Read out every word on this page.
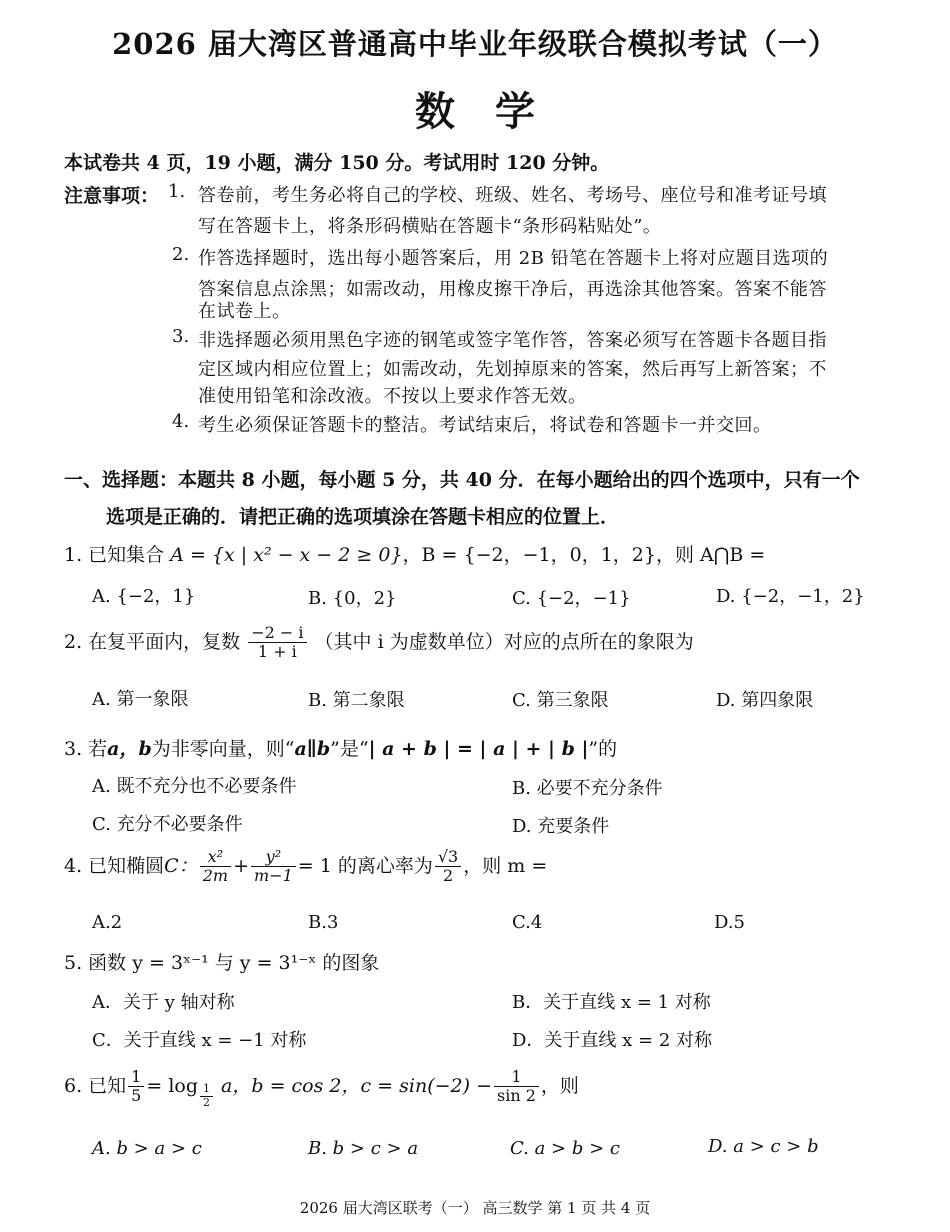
2026 届大湾区普通高中毕业年级联合模拟考试（一）
数学
本试卷共 4 页，19 小题，满分 150 分。考试用时 120 分钟。
注意事项： 1. 答卷前，考生务必将自己的学校、班级、姓名、考场号、座位号和准考证号填
写在答题卡上，将条形码横贴在答题卡“条形码粘贴处”。
2. 作答选择题时，选出每小题答案后，用 2B 铅笔在答题卡上将对应题目选项的
答案信息点涂黑；如需改动，用橡皮擦干净后，再选涂其他答案。答案不能答
在试卷上。
3. 非选择题必须用黑色字迹的钢笔或签字笔作答，答案必须写在答题卡各题目指
定区域内相应位置上；如需改动，先划掉原来的答案，然后再写上新答案；不
准使用铅笔和涂改液。不按以上要求作答无效。
4. 考生必须保证答题卡的整洁。考试结束后，将试卷和答题卡一并交回。
一、选择题：本题共 8 小题，每小题 5 分，共 40 分．在每小题给出的四个选项中，只有一个
选项是正确的．请把正确的选项填涂在答题卡相应的位置上．
1. 已知集合 A = {x | x² − x − 2 ≥ 0}，B = {−2，−1，0，1，2}，则 A⋂B =
A. {−2，1}	B. {0，2}	C. {−2，−1}	D. {−2，−1，2}
2. 在复平面内，复数 $\frac{-2 - i}{1 + i}$ （其中 i 为虚数单位）对应的点所在的象限为
A. 第一象限	B. 第二象限	C. 第三象限	D. 第四象限
3. 若a，b为非零向量，则“a∥b”是“| a + b | = | a | + | b |”的
A. 既不充分也不必要条件	B. 必要不充分条件
C. 充分不必要条件	D. 充要条件
4. 已知椭圆C： $\frac{\text{x²}}{2m} + \frac{\text{y²}}{m-1} = 1$ 的离心率为 $\frac{√3}{2}$ ，则 m =
A.2	B.3	C.4	D.5
5. 函数 y = 3ˣ⁻¹ 与 y = 3¹⁻ˣ 的图象
A．关于 y 轴对称	B．关于直线 x = 1 对称
C．关于直线 x = −1 对称	D．关于直线 x = 2 对称
6. 已知 $\frac{1}{5} = \log \frac{1}{2}$ a，b = cos 2，$c = \sin(-2) - \frac{1}{\sin 2}$ ，则
A. b > a > c	B. b > c > a	C. a > b > c	D. a > c > b
2026 届大湾区联考（一） 高三数学 第 1 页 共 4 页
